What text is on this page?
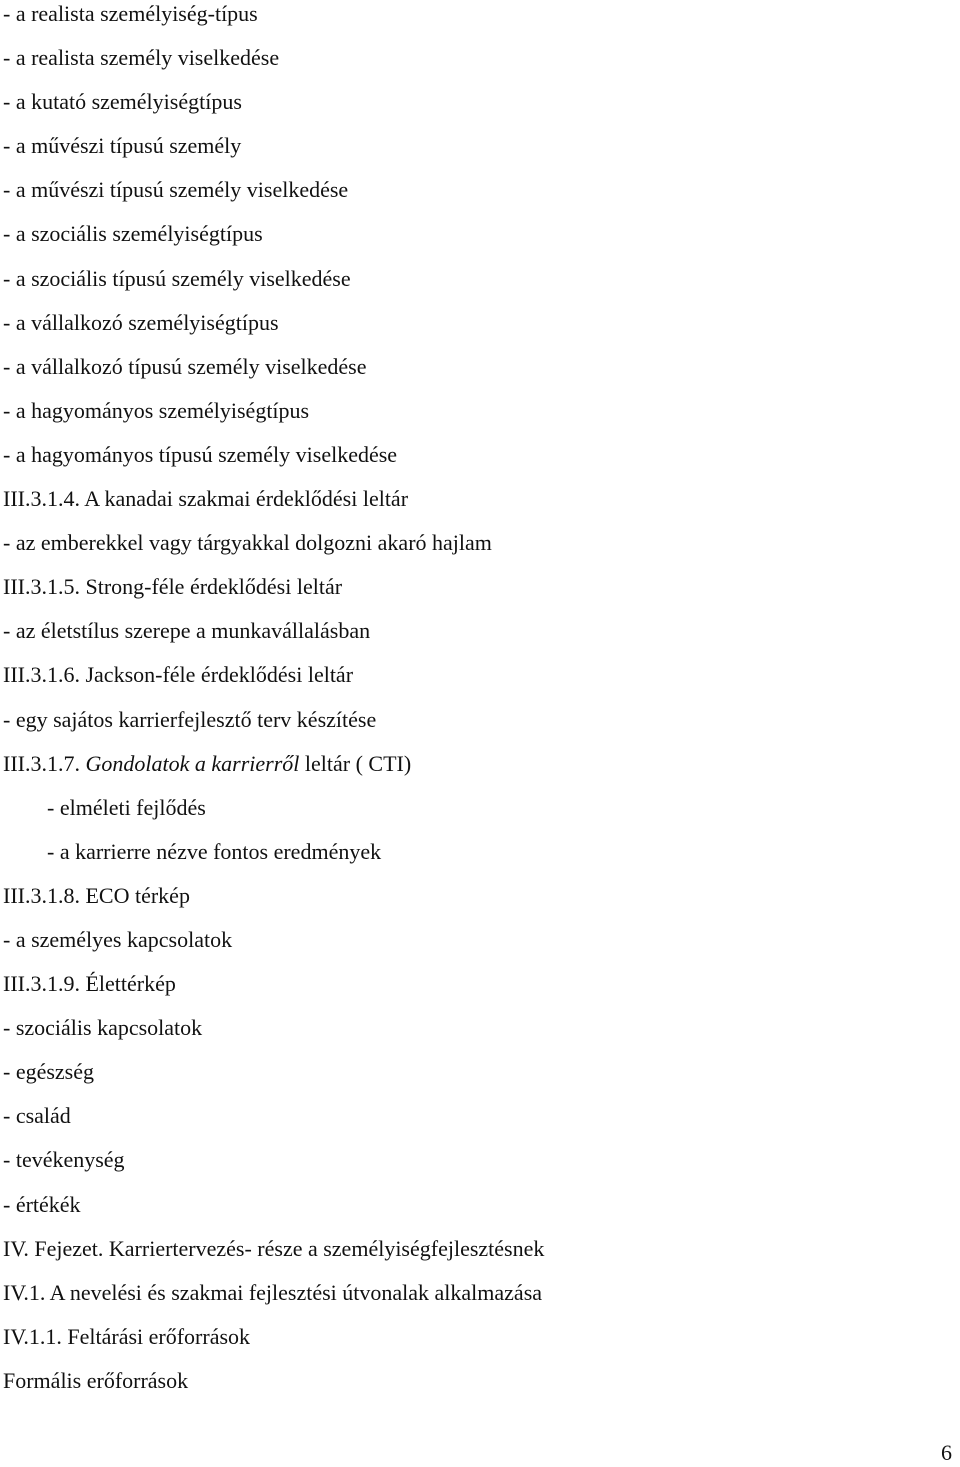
- a realista személyiség-típus
- a realista személy viselkedése
- a kutató személyiségtípus
- a művészi típusú személy
- a művészi típusú személy viselkedése
- a szociális személyiségtípus
- a szociális típusú személy viselkedése
- a vállalkozó személyiségtípus
- a vállalkozó típusú személy viselkedése
- a hagyományos személyiségtípus
- a hagyományos típusú személy viselkedése
III.3.1.4. A kanadai szakmai érdeklődési leltár
- az emberekkel vagy tárgyakkal dolgozni akaró hajlam
III.3.1.5. Strong-féle érdeklődési leltár
- az életstílus szerepe a munkavállalásban
III.3.1.6. Jackson-féle érdeklődési leltár
- egy sajátos karrierfejlesztő terv készítése
III.3.1.7. Gondolatok a karrierről leltár ( CTI)
- elméleti fejlődés
- a karrierre nézve fontos eredmények
III.3.1.8. ECO térkép
- a személyes kapcsolatok
III.3.1.9. Élettérkép
- szociális kapcsolatok
- egészség
- család
- tevékenység
- értékék
IV. Fejezet. Karriertervezés- része a személyiségfejlesztésnek
IV.1. A nevelési és szakmai fejlesztési útvonalak alkalmazása
IV.1.1. Feltárási erőforrások
Formális erőforrások
6
